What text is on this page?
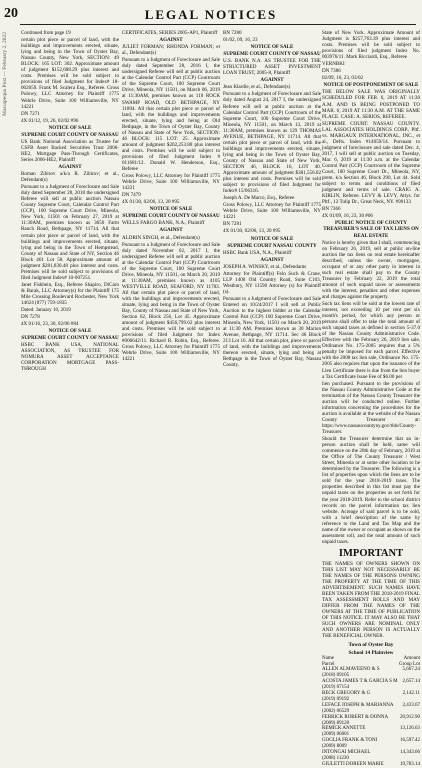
20	LEGAL NOTICES
Massapequa Post — February 2, 2022	Continued from page 19

certain plot piece or parcel of land, with the buildings and improvements erected, situate, lying and being in the Town of Oyster Bay, Nassau County, New York, SECTION: 49 BLOCK: 165 LOT: 302. Approximate amount of judgment $152,688.29 plus interest and costs. Premises will be sold subject to provisions of filed Judgment for Index# 18-002059. Frank M. Scalera Esq., Referee. Gross Polowy, LLC Attorney for Plaintiff 1775 Wehrle Drive, Suite 100 Williamsville, NY 14221

DN 7271

4X 01/12, 19, 26, 02/02 #96

NOTICE OF SALE

SUPREME COURT COUNTY OF NASSAU

US Bank National Association as Trustee for CSFB Asset Backed Securities Trust 2006-HE2, Mortgage Pass-Through Certificates, Series 2006-HE2, Plaintiff

AGAINST

Roman Zibirov a/k/a R. Zibirov; et al., Defendant(s)

Pursuant to a Judgment of Foreclosure and Sale duly dated September 28, 2018 the undersigned Referee will sell at public auction Nassau County Supreme Court, Calendar Control Part (CCP), 100 Supreme Court Drive, Mineola, New York, 11501 on February 27, 2019 at 11:30AM, premises known as 3650 Farm Ranch Road, Bethpage, NY 11714. All that certain plot piece or parcel of land, with the buildings and improvements erected, situate, lying and being in the Town of Hempstead, County of Nassau and State of NY, Section 46 Block 461 Lot 58. Approximate amount of judgment $281,830.48 plus interest and costs. Premises will be sold subject to provisions of filed Judgment Index# 10-007251.

Janet Fishbein, Esq., Referee Shapiro, DiCaro & Barak, LLC Attorney(s) for the Plaintiff 175 Mile Crossing Boulevard Rochester, New York 14624 (877) 759-1835

Dated: January 10, 2019

DN 7278

4X 01/16, 23, 30, 02/06 #84

NOTICE OF SALE

SUPREME COURT COUNTY OF NASSAU

HSBC BANK USA, NATIONAL ASSOCIATION, AS TRUSTEE FOR NOMURA ASSET ACCEPTANCE CORPORATION MORTGAGE PASS-THROUGH

CERTIFICATES, SERIES 2005-AP1, Plaintiff

AGAINST

JULIET FORMAN; RHONDA FORMAN; et al., Defendant(s)

Pursuant to a Judgment of Foreclosure and Sale duly dated September 28, 2016 I, the undersigned Referee will sell at public auction at the Calendar Control Part (CCP) Courtroom of the Supreme Court, 100 Supreme Court Drive, Mineola, NY 11501, on March 06, 2019 at 11:30AM, premises known as 110 ROCK SWAMP ROAD, OLD BETHPAGE, NY 11804. All that certain plot piece or parcel of land, with the buildings and improvements erected, situate, lying and being at Old Bethpage, in the Town of Oyster Bay, County of Nassau and State of New York, SECTION: 46 BLOCK: 115 LOT: 25. Approximate amount of judgment $202,253.88 plus interest and costs. Premises will be sold subject to provisions of filed Judgment Index # 011681/12. Donald W. Henderson, Esq., Referee

Gross Polowy, LLC Attorney for Plaintiff 1775 Wehrle Drive, Suite 100 Williamsville, NY 14221

DN 7479

4X 01/30, 02/06, 13, 20 #95

NOTICE OF SALE

SUPREME COURT COUNTY OF NASSAU

WELLS FARGO BANK, N.A., Plaintiff

AGAINST

ALDRIN SINGH, et al., Defendant(s)

Pursuant to a Judgment of Foreclosure and Sale duly dated November 02, 2017 I, the undersigned Referee will sell at public auction at the Calendar Control Part (CCP) Courtroom of the Supreme Court, 100 Supreme Court Drive, Mineola, NY 11501, on March 20, 2019 at 11:30AM, premises known as 4105 WESTVILLE ROAD, SEAFORD, NY 11783. All that certain plot piece or parcel of land, with the buildings and improvements erected, situate, lying and being in the Town of Oyster Bay, County of Nassau and State of New York, Section 62, Block 256, Lot 45. Approximate amount of judgment $456,799.62 plus interest and costs. Premises will be sold subject to provisions of filed Judgment for Index #006642/11. Richard R. Rubin, Esq., Referee. Gross Polowy, LLC Attorney for Plaintiff 1775 Wehrle Drive, Suite 100 Williamsville, NY 14221

BN 7280

01/02, 09, 16, 23

NOTICE OF SALE

SUPREME COURT COUNTY OF NASSAU

U.S. BANK N.A. AS TRUSTEE FOR THE STRUCTURED ASSET INVESTMENT LOAN TRUST, 2005-8, Plaintiff

AGAINST

Jean Klardie, et al., Defendant(s)

Pursuant to a Judgment of Foreclosure and Sale duly dated August 24, 2017 I, the undersigned Referee will sell at public auction at the Calendar Control Part (CCP) Courtroom of the Supreme Court, 100 Supreme Court Drive, Mineola, NY 11501, on March 13, 2019 at 11:30AM, premises known as 129 THOMAS AVENUE, BETHPAGE, NY 11714. All that certain plot piece or parcel of land, with the buildings and improvements erected, situate, lying and being in the Town of Oyster Bay, County of Nassau and State of New York, SECTION 46, BLOCK 16, LOT 40. Approximate amount of judgment $381,556.02 plus interest and costs. Premises will be sold subject to provisions of filed Judgment for Index# 15/06316.

Joseph A. De Marco, Esq., Referee

Gross Polowy, LLC Attorney for Plaintiff 1775 Wehrle Drive, Suite 100 Williamsville, NY 14221

BN 7281

4X 01/30, 02/06, 13, 20 #95

NOTICE OF SALE

SUPREME COURT NASSAU COUNTY

HSBC Bank USA, N.A., Plaintiff

AGAINST

JOSEPH A. WINSKY, et al., Defendants

Attorney for Plaintiff(s) Fein Such & Crane, LLP 1400 Old Country Road, Suite C103, Westbury, NY 11590 Attorney (s) for Plaintiff (s).

Pursuant to a Judgment of Foreclosure and Sale Entered on 10/24/2017 I will sell at Public Auction to the highest bidder at the Calendar Control Part (CCP) 100 Supreme Court Drive, Mineola, New York, 11501 on March 20, 2019 at 11:30 AM. Premises known as 30 Marion Avenue, Bethpage, NY 11714. Sec 46 Block 213 Lot 16. All that certain plot, piece or parcel of land, with the buildings and improvements thereon erected, situate, lying and being at Bethpage in the Town of Oyster Bay, Nassau County,

State of New York. Approximate Amount of Judgment is $257,763.39 plus interest and costs. Premises will be sold subject to provisions of filed judgment Index No. 003976/11. Mark Ricciardi, Esq., Referee

VERNBKI

DN 7386

02/09, 16, 23, 03/02

NOTICE OF POSTPONEMENT OF SALE

THE BELOW SALE WAS ORIGINALLY SCHEDULED FOR FEB. 6, 2019 AT 11:30 A.M. AND IS BEING POSTPONED TO MAR. 6, 2019 AT 11:30 A.M. AT THE SAME PLACE. CASE: A. SERIOS, REFEREE.

SUPREME COURT: NASSAU COUNTY. LAL ASSOCIATES HOLDINGS CORP., Pltf. vs. MARGAUX INTERNATIONAL, INC., et al., Defts. Index #14059/14. Pursuant to judgment of foreclosure and sale dated Dec. 4, 2017, I will sell at public auction on Tuesday, Mar. 6, 2019 at 11:30 a.m. at the Calendar Control Part (CCP) Courtroom of the Supreme Court, 100 Supreme Court Dr., Mineola, NY, prem. k/a Section 46, Block 290, Lot 44. Sold subject to terms and conditions of filed judgment and terms of sale. CRAIG A. KIRLIN, Referee. LEVY & LEVY, Attys. for Pltf., 12 Tulip Dr., Great Neck, NY. #90133

BN 7366

4X 01/09, 16, 23, 30 #06

PUBLIC NOTICE OF COUNTY TREASURER'S SALE OF TAX LIENS ON REAL ESTATE

Notice is hereby given that I shall, commencing on February 26, 2019, sell at public on-line auction the tax liens on real estate hereinafter described, unless the owner, mortgagee, occupant of or any other party in interest in such real estate shall pay to the County Treasurer by February 22, 2019 the total amount of such unpaid taxes or assessments with the interest, penalties and other expenses and charges against the property.

Such tax liens will be sold at the lowest rate of interest, not exceeding 10 per cent per six month's period, for which any person or persons shall offer to take the total amount of such unpaid taxes as defined in section 5-37.0 of the Nassau County Administrative Code. Effective with the February 26, 2019 lien sale, Ordinance No. 175-2005 requires that a 5% penalty be imposed for each parcel. Effective with the 2008 tax lien sale, Ordinance No. 175-2005 also requires that upon the issuance of the Lien Certificate there is due from the lien buyer a Tax Certificate Issue Fee of $6.00 per

lien purchased. Pursuant to the provisions of the Nassau County Administrative Code at the termination of the Nassau County Treasurer the auction will be conducted online. Further information concerning the procedures for the auction is available at the website of the Nassau County Treasurer at: https://www.nassaucountyny.gov/tlds/County-Treasurer.

Should the Treasurer determine that an in-person auction shall be held, same will commence on the 28th day of February, 2019 at the Office of The County Treasurer / West Street, Mineola or at some other location to be determined by the Treasurer. The following is a list of properties upon which the liens are to be sold for the year 2018-2019 taxes. The properties described in this list must pay the unpaid taxes on the properties as set forth for the year 2018-2019. Refer to the school district records on the parcel information tax lien website. Acreage of said parcel is to be sold, with a brief description of the same by reference to the Land and Tax Map and the name of the owner or occupant as shown on the assessment roll, and the total amount of such unpaid taxes.

IMPORTANT

THE NAMES OF OWNERS SHOWN ON THIS LIST MAY NOT NECESSARILY BE THE NAMES OF THE PERSONS OWNING THE PROPERTY AT THE TIME OF THIS ADVERTISEMENT. SUCH NAMES HAVE BEEN TAKEN FROM THE 2018-2019 FINAL TAX ASSESSMENT ROLLS AND MAY DIFFER FROM THE NAMES OF THE OWNERS AT THE TIME OF PUBLICATION OF THIS NOTICE. IT MAY ALSO BE THAT SUCH OWNERS ARE NOMINAL ONLY AND ANOTHER PERSON IS ACTUALLY THE BENEFICIAL OWNER.

Town of Oyster Bay
School 14 Plainview
Name	Amount
Parcel	Group Lot
ALLEN ALMAVEENO & S	5,667.24
(2018) 09105	
ACOSTA JAMES T & GARCIA S M	2,657.14
(2019) 07154	
BECK GREGORY & G	2,142.11
(2019) 09192	
LEFACE JOSEPH & MARIANNA	2,433.67
(2002) 06529	
FERRICK ROBERT & DONNA	20,912.90
(2009) 89120	
REMICK ANNETTE	13,126.63
(2009) 06001	
GOGLIA FRANK & TONI	16,597.42
(2009) 8009	
INTONGAI MICHAEL	14,343.66
(2008) 11230	
GIULETTI DOREEN MARIE	19,783.14
